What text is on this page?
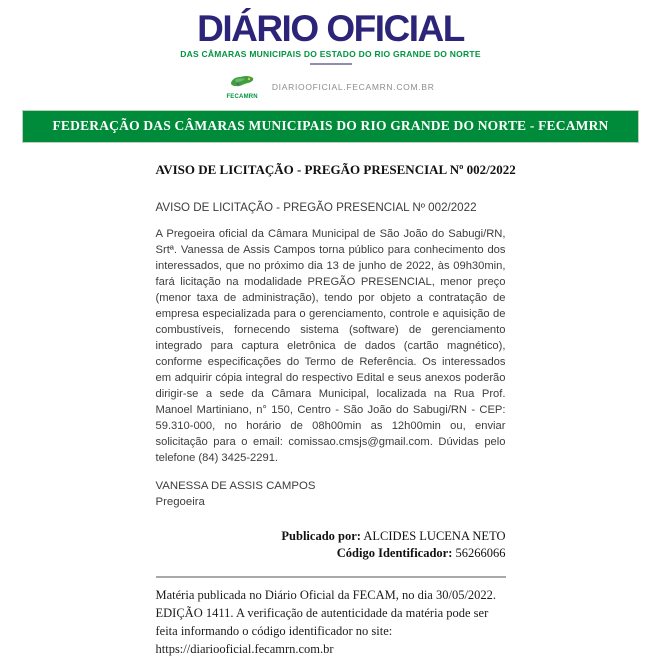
DIÁRIO OFICIAL
DAS CÂMARAS MUNICIPAIS DO ESTADO DO RIO GRANDE DO NORTE
FECAMRN
DIARIOOFICIAL.FECAMRN.COM.BR
FEDERAÇÃO DAS CÂMARAS MUNICIPAIS DO RIO GRANDE DO NORTE - FECAMRN
AVISO DE LICITAÇÃO - PREGÃO PRESENCIAL Nº 002/2022
AVISO DE LICITAÇÃO - PREGÃO PRESENCIAL Nº 002/2022

A Pregoeira oficial da Câmara Municipal de São João do Sabugi/RN, Srtª. Vanessa de Assis Campos torna público para conhecimento dos interessados, que no próximo dia 13 de junho de 2022, às 09h30min, fará licitação na modalidade PREGÃO PRESENCIAL, menor preço (menor taxa de administração), tendo por objeto a contratação de empresa especializada para o gerenciamento, controle e aquisição de combustíveis, fornecendo sistema (software) de gerenciamento integrado para captura eletrônica de dados (cartão magnético), conforme especificações do Termo de Referência. Os interessados em adquirir cópia integral do respectivo Edital e seus anexos poderão dirigir-se a sede da Câmara Municipal, localizada na Rua Prof. Manoel Martiniano, n° 150, Centro - São João do Sabugi/RN - CEP: 59.310-000, no horário de 08h00min as 12h00min ou, enviar solicitação para o email: comissao.cmsjs@gmail.com. Dúvidas pelo telefone (84) 3425-2291.

VANESSA DE ASSIS CAMPOS
Pregoeira
Publicado por: ALCIDES LUCENA NETO
Código Identificador: 56266066

Matéria publicada no Diário Oficial da FECAM, no dia 30/05/2022. EDIÇÃO 1411. A verificação de autenticidade da matéria pode ser feita informando o código identificador no site:

https://diariooficial.fecamrn.com.br
